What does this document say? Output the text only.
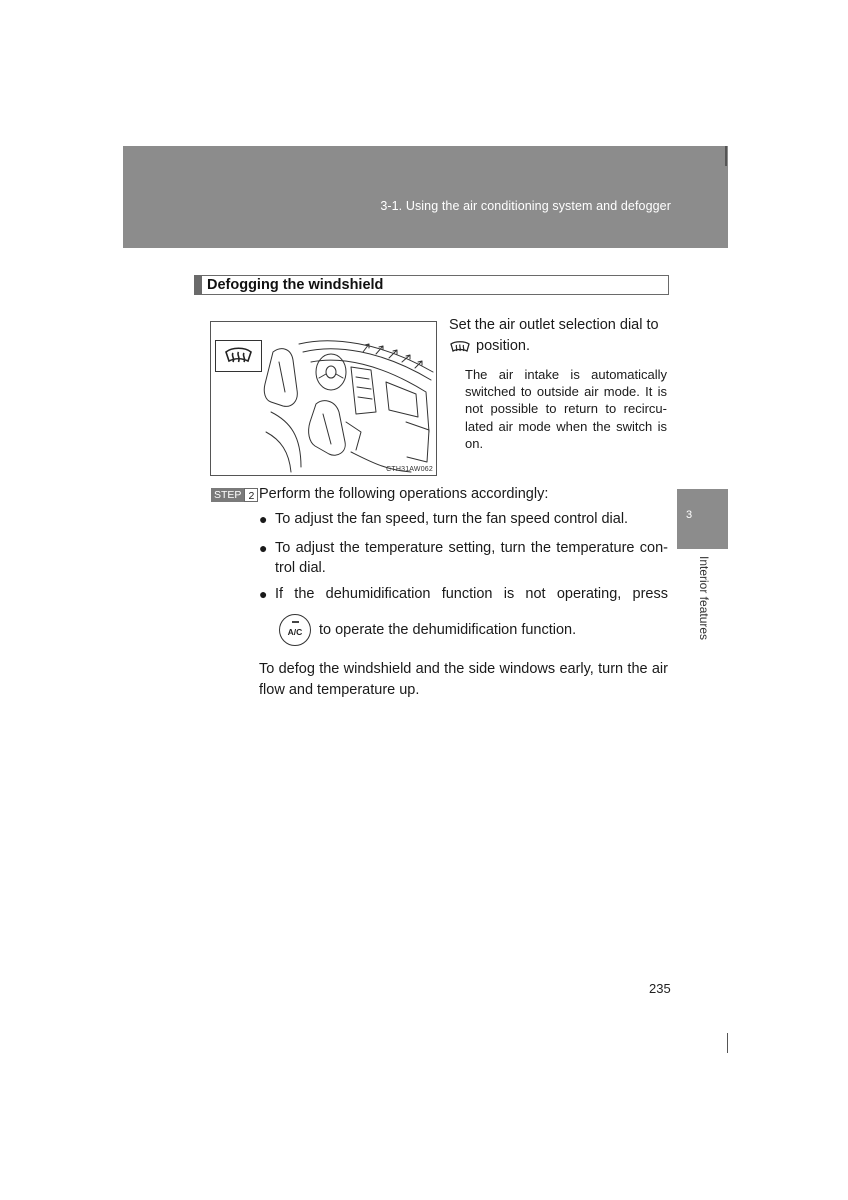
3-1. Using the air conditioning system and defogger
3
Interior features
Defogging the windshield
CTH31AW062
Set the air outlet selection dial to
position.
The air intake is automatically switched to outside air mode. It is not possible to return to recircu- lated air mode when the switch is on.
STEP 2 Perform the following operations accordingly:
● To adjust the fan speed, turn the fan speed control dial.
● To adjust the temperature setting, turn the temperature con- trol dial.
● If the dehumidification function is not operating, press
A/C	to operate the dehumidification function.
To defog the windshield and the side windows early, turn the air flow and temperature up.
235
